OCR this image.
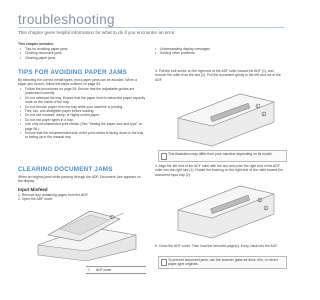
troubleshooting
This chapter gives helpful information for what to do if you encounter an error.
This chapter includes:
• Tips for avoiding paper jams
• Clearing document jams
• Clearing paper jams
• Understanding display messages
• Solving other problems
TIPS FOR AVOIDING PAPER JAMS
By selecting the correct media types, most paper jams can be avoided. When a paper jam occurs, follow the steps outlined on page 84.
• Follow the procedures on page 54. Ensure that the adjustable guides are positioned correctly.
• Do not overload the tray. Ensure that the paper level is below the paper capacity mark on the inside of the tray.
• Do not remove paper from the tray while your machine is printing.
• Flex, fan, and straighten paper before loading.
• Do not use creased, damp, or highly curled paper.
• Do not mix paper types in a tray.
• Use only recommended print media. (See "Setting the paper size and type" on page 56.)
• Ensure that the recommended side of the print media is facing down in the tray, or facing up in the manual tray.
CLEARING DOCUMENT JAMS
When an original jams while passing through the ADF, Document Jam appears on the display.
Input Misfeed
1. Remove any remaining pages from the ADF.
2. Open the ADF cover.
1
1 ADF cover
3. Pull the bolt sector on the right end of the ADF roller toward the ADF (1), and remove the roller from the slot (2). Pull the document gently to the left and out of the ADF.
1
2
This illustration may differ from your machine depending on its model.
4. Align the left end of the ADF roller with the slot and push the right end of the ADF roller into the right slot (1). Rotate the bushing on the right end of the roller toward the document input tray (2).
1
2
5. Close the ADF cover. Then load the removed page(s), if any, back into the ADF.
To prevent document jams, use the scanner glass for thick, thin, or mixed paper-type originals.
